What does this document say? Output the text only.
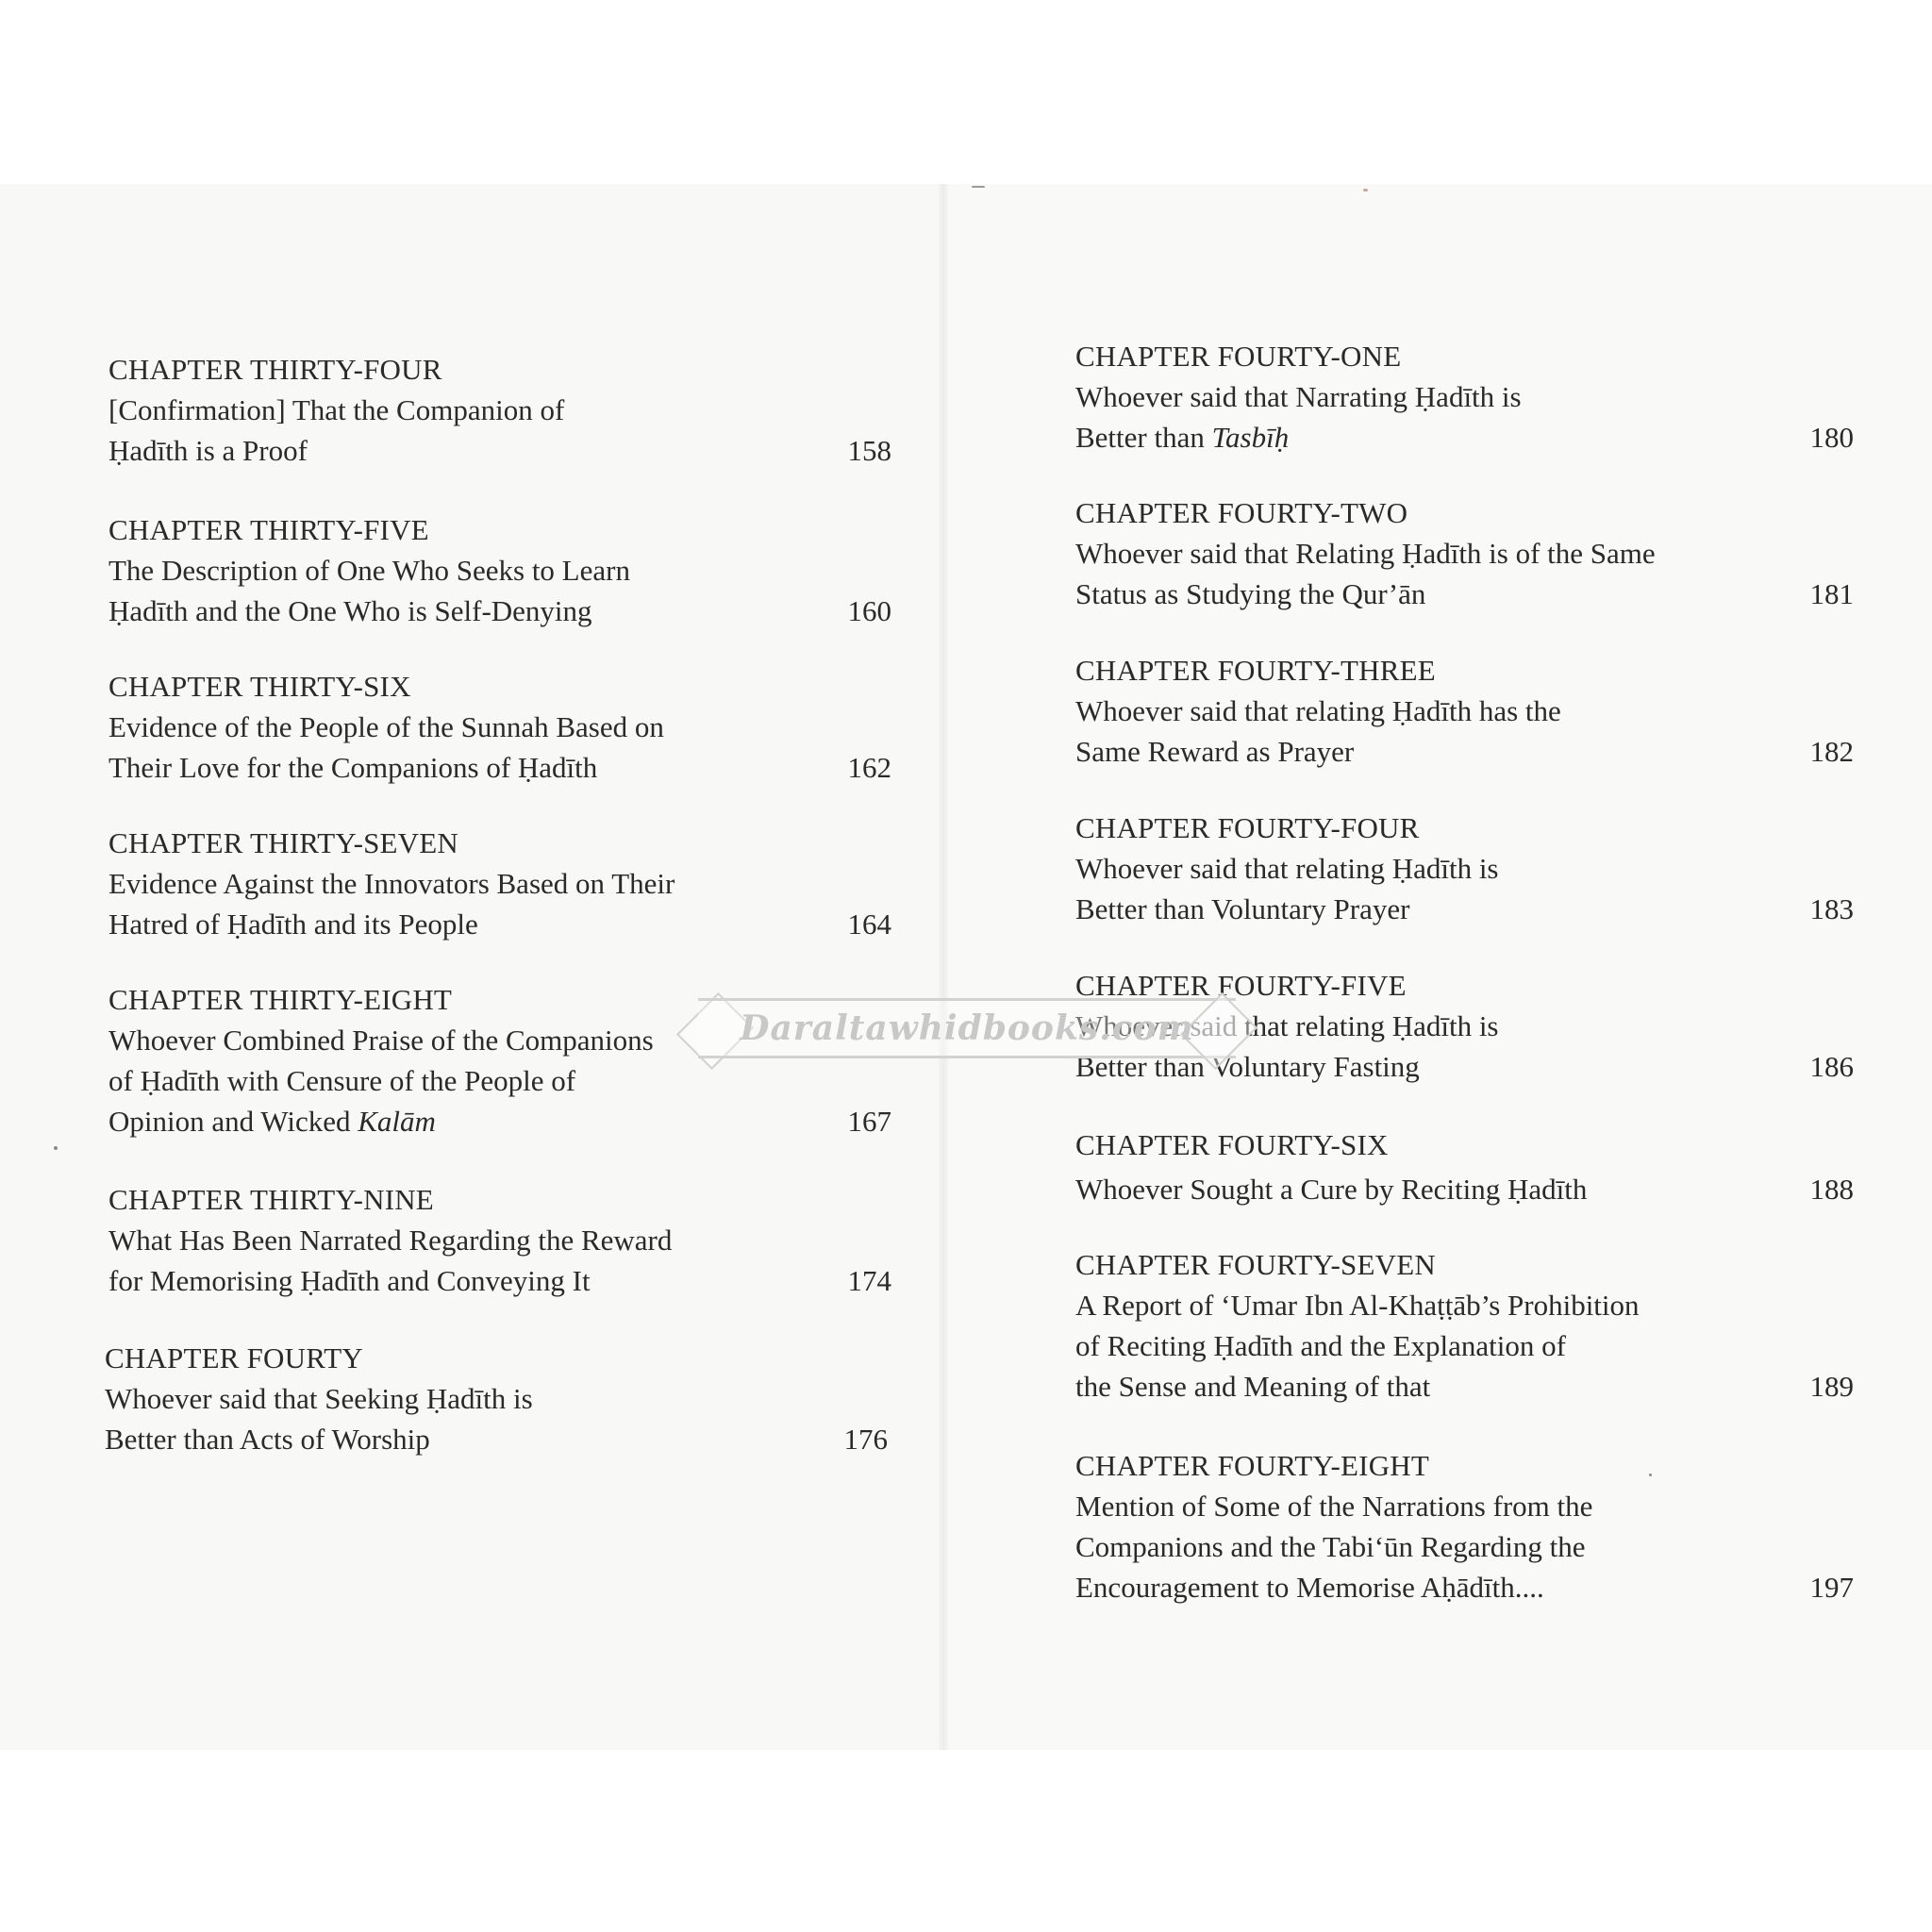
CHAPTER THIRTY-FOUR
[Confirmation] That the Companion of
Ḥadīth is a Proof	158
CHAPTER THIRTY-FIVE
The Description of One Who Seeks to Learn
Ḥadīth and the One Who is Self-Denying	160
CHAPTER THIRTY-SIX
Evidence of the People of the Sunnah Based on
Their Love for the Companions of Ḥadīth	162
CHAPTER THIRTY-SEVEN
Evidence Against the Innovators Based on Their
Hatred of Ḥadīth and its People	164
CHAPTER THIRTY-EIGHT
Whoever Combined Praise of the Companions
of Ḥadīth with Censure of the People of
Opinion and Wicked Kalām	167
CHAPTER THIRTY-NINE
What Has Been Narrated Regarding the Reward
for Memorising Ḥadīth and Conveying It	174
CHAPTER FOURTY
Whoever said that Seeking Ḥadīth is
Better than Acts of Worship	176
CHAPTER FOURTY-ONE
Whoever said that Narrating Ḥadīth is
Better than Tasbīḥ	180
CHAPTER FOURTY-TWO
Whoever said that Relating Ḥadīth is of the Same
Status as Studying the Qur’ān	181
CHAPTER FOURTY-THREE
Whoever said that relating Ḥadīth has the
Same Reward as Prayer	182
CHAPTER FOURTY-FOUR
Whoever said that relating Ḥadīth is
Better than Voluntary Prayer	183
CHAPTER FOURTY-FIVE
Whoever said that relating Ḥadīth is
Better than Voluntary Fasting	186
CHAPTER FOURTY-SIX
Whoever Sought a Cure by Reciting Ḥadīth	188
CHAPTER FOURTY-SEVEN
A Report of ‘Umar Ibn Al-Khaṭṭāb’s Prohibition
of Reciting Ḥadīth and the Explanation of
the Sense and Meaning of that	189
CHAPTER FOURTY-EIGHT
Mention of Some of the Narrations from the
Companions and the Tabi‘ūn Regarding the
Encouragement to Memorise Aḥādīth....	197
Daraltawhidbooks.com
